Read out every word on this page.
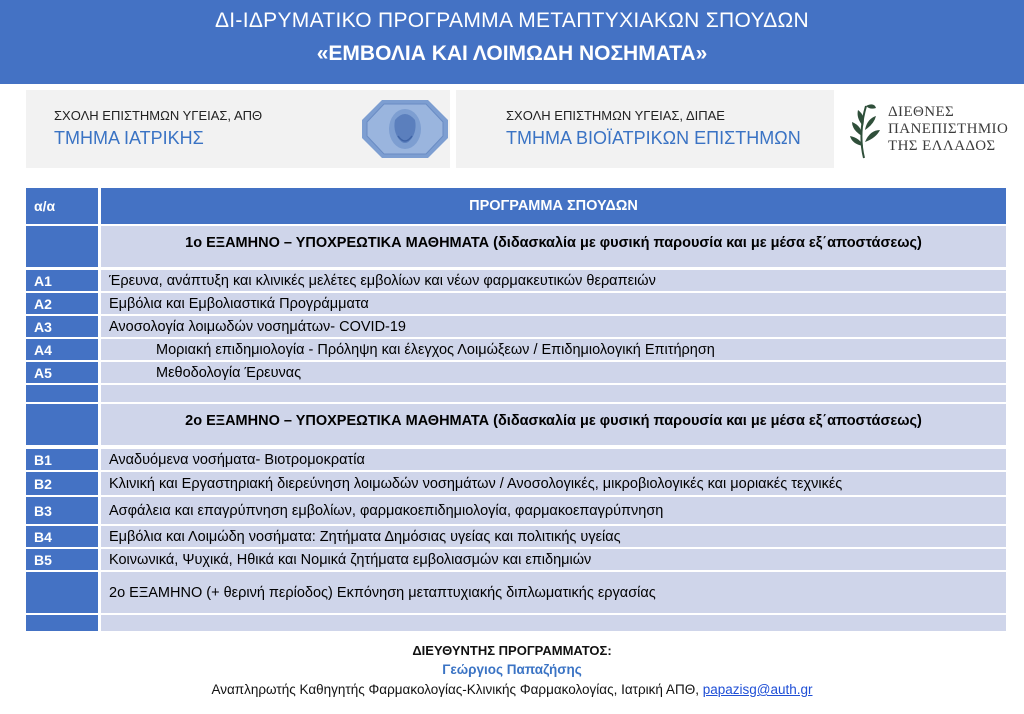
ΔΙ-ΙΔΡΥΜΑΤΙΚΟ ΠΡΟΓΡΑΜΜΑ ΜΕΤΑΠΤΥΧΙΑΚΩΝ ΣΠΟΥΔΩΝ
«ΕΜΒΟΛΙΑ ΚΑΙ ΛΟΙΜΩΔΗ ΝΟΣΗΜΑΤΑ»
ΣΧΟΛΗ ΕΠΙΣΤΗΜΩΝ ΥΓΕΙΑΣ, ΑΠΘ
ΤΜΗΜΑ ΙΑΤΡΙΚΗΣ
ΣΧΟΛΗ ΕΠΙΣΤΗΜΩΝ ΥΓΕΙΑΣ, ΔΙΠΑΕ
ΤΜΗΜΑ ΒΙΟΪΑΤΡΙΚΩΝ ΕΠΙΣΤΗΜΩΝ
ΔΙΕΘΝΕΣ
ΠΑΝΕΠΙΣΤΗΜΙΟ
ΤΗΣ ΕΛΛΑΔΟΣ
α/α	ΠΡΟΓΡΑΜΜΑ ΣΠΟΥΔΩΝ
1ο ΕΞΑΜΗΝΟ – ΥΠΟΧΡΕΩΤΙΚΑ ΜΑΘΗΜΑΤΑ (διδασκαλία με φυσική παρουσία και με μέσα εξ΄αποστάσεως)
Α1	Έρευνα, ανάπτυξη και κλινικές μελέτες εμβολίων και νέων φαρμακευτικών θεραπειών
Α2	Εμβόλια και Εμβολιαστικά Προγράμματα
Α3	Ανοσολογία λοιμωδών νοσημάτων- COVID-19
Α4	Μοριακή επιδημιολογία - Πρόληψη και έλεγχος Λοιμώξεων / Επιδημιολογική Επιτήρηση
Α5	Μεθοδολογία Έρευνας
2ο ΕΞΑΜΗΝΟ – ΥΠΟΧΡΕΩΤΙΚΑ ΜΑΘΗΜΑΤΑ (διδασκαλία με φυσική παρουσία και με μέσα εξ΄αποστάσεως)
Β1	Αναδυόμενα νοσήματα- Βιοτρομοκρατία
Β2	Κλινική και Εργαστηριακή διερεύνηση λοιμωδών νοσημάτων / Ανοσολογικές, μικροβιολογικές και μοριακές τεχνικές
Β3	Ασφάλεια και επαγρύπνηση εμβολίων, φαρμακοεπιδημιολογία, φαρμακοεπαγρύπνηση
Β4	Εμβόλια και Λοιμώδη νοσήματα: Ζητήματα Δημόσιας υγείας και πολιτικής υγείας
Β5	Κοινωνικά, Ψυχικά, Ηθικά και Νομικά ζητήματα εμβολιασμών και επιδημιών
2ο ΕΞΑΜΗΝΟ (+ θερινή περίοδος) Εκπόνηση μεταπτυχιακής διπλωματικής εργασίας
ΔΙΕΥΘΥΝΤΗΣ ΠΡΟΓΡΑΜΜΑΤΟΣ:
Γεώργιος Παπαζήσης
Αναπληρωτής Καθηγητής Φαρμακολογίας-Κλινικής Φαρμακολογίας, Ιατρική ΑΠΘ, papazisg@auth.gr
